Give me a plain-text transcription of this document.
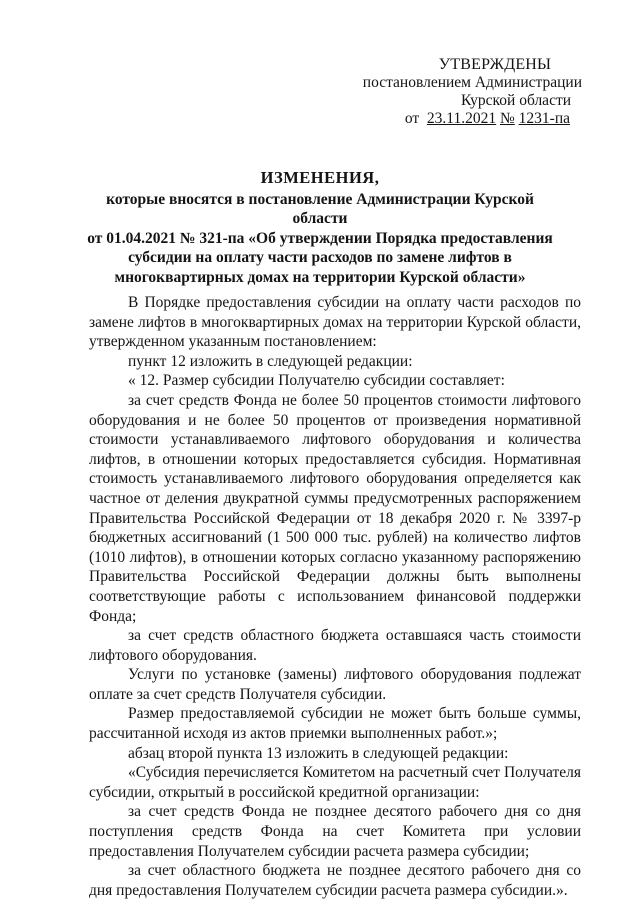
УТВЕРЖДЕНЫ
постановлением Администрации
Курской области
от 23.11.2021 № 1231-па
ИЗМЕНЕНИЯ,
которые вносятся в постановление Администрации Курской области
от 01.04.2021 № 321-па «Об утверждении Порядка предоставления
субсидии на оплату части расходов по замене лифтов в
многоквартирных домах на территории Курской области»

В Порядке предоставления субсидии на оплату части расходов по замене лифтов в многоквартирных домах на территории Курской области, утвержденном указанным постановлением:

пункт 12 изложить в следующей редакции:

« 12. Размер субсидии Получателю субсидии составляет:

за счет средств Фонда не более 50 процентов стоимости лифтового оборудования и не более 50 процентов от произведения нормативной стоимости устанавливаемого лифтового оборудования и количества лифтов, в отношении которых предоставляется субсидия. Нормативная стоимость устанавливаемого лифтового оборудования определяется как частное от деления двукратной суммы предусмотренных распоряжением Правительства Российской Федерации от 18 декабря 2020 г. № 3397-р бюджетных ассигнований (1 500 000 тыс. рублей) на количество лифтов (1010 лифтов), в отношении которых согласно указанному распоряжению Правительства Российской Федерации должны быть выполнены соответствующие работы с использованием финансовой поддержки Фонда;

за счет средств областного бюджета оставшаяся часть стоимости лифтового оборудования.

Услуги по установке (замены) лифтового оборудования подлежат оплате за счет средств Получателя субсидии.

Размер предоставляемой субсидии не может быть больше суммы, рассчитанной исходя из актов приемки выполненных работ.»;

абзац второй пункта 13 изложить в следующей редакции:

«Субсидия перечисляется Комитетом на расчетный счет Получателя субсидии, открытый в российской кредитной организации:

за счет средств Фонда не позднее десятого рабочего дня со дня поступления средств Фонда на счет Комитета при условии предоставления Получателем субсидии расчета размера субсидии;

за счет областного бюджета не позднее десятого рабочего дня со дня предоставления Получателем субсидии расчета размера субсидии.».
